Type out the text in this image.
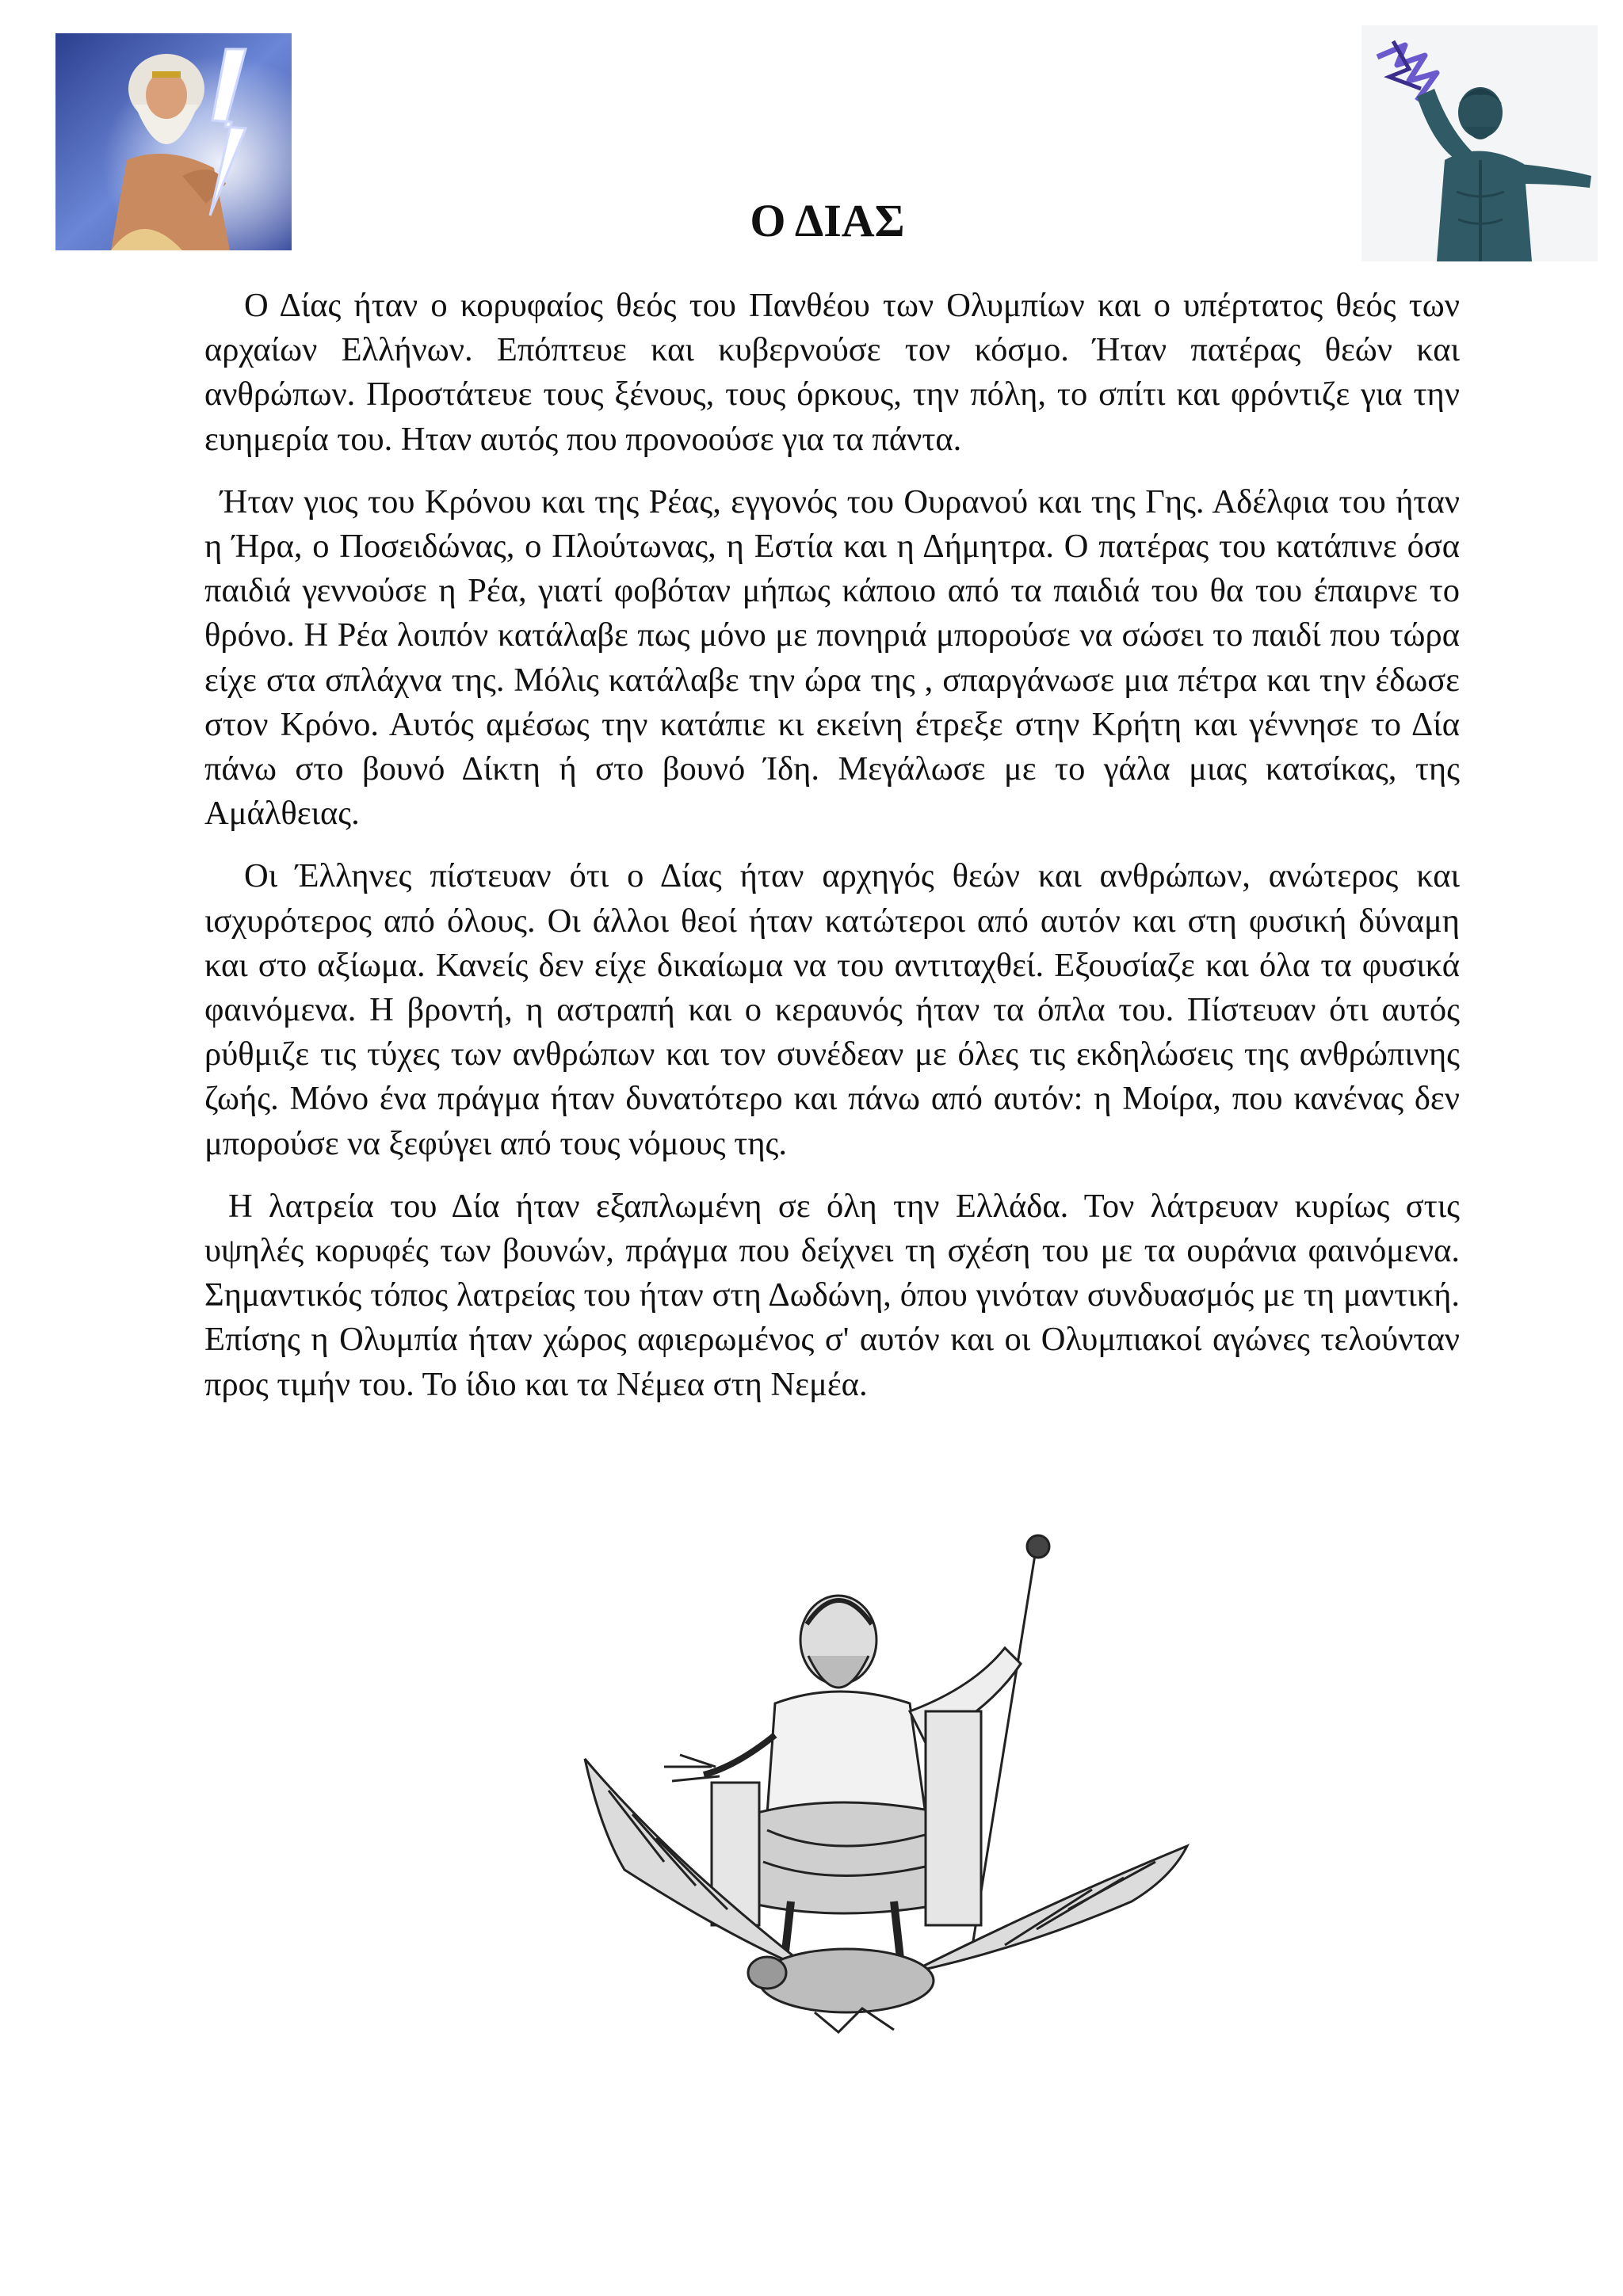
Ο ΔΙΑΣ

Ο Δίας ήταν ο κορυφαίος θεός του Πανθέου των Ολυμπίων και ο υπέρτατος θεός των αρχαίων Ελλήνων. Επόπτευε και κυβερνούσε τον κόσμο. Ήταν πατέρας θεών και ανθρώπων. Προστάτευε τους ξένους, τους όρκους, την πόλη, το σπίτι και φρόντιζε για την ευημερία του. Ηταν αυτός που προνοούσε για τα πάντα.

Ήταν γιος του Κρόνου και της Ρέας, εγγονός του Ουρανού και της Γης. Αδέλφια του ήταν η Ήρα, ο Ποσειδώνας, ο Πλούτωνας, η Εστία και η Δήμητρα. Ο πατέρας του κατάπινε όσα παιδιά γεννούσε η Ρέα, γιατί φοβόταν μήπως κάποιο από τα παιδιά του θα του έπαιρνε το θρόνο. Η Ρέα λοιπόν κατάλαβε πως μόνο με πονηριά μπορούσε να σώσει το παιδί που τώρα είχε στα σπλάχνα της. Μόλις κατάλαβε την ώρα της , σπαργάνωσε μια πέτρα και την έδωσε στον Κρόνο. Αυτός αμέσως την κατάπιε κι εκείνη έτρεξε στην Κρήτη και γέννησε το Δία πάνω στο βουνό Δίκτη ή στο βουνό Ίδη. Μεγάλωσε με το γάλα μιας κατσίκας, της Αμάλθειας.

Οι Έλληνες πίστευαν ότι ο Δίας ήταν αρχηγός θεών και ανθρώπων, ανώτερος και ισχυρότερος από όλους. Οι άλλοι θεοί ήταν κατώτεροι από αυτόν και στη φυσική δύναμη και στο αξίωμα. Κανείς δεν είχε δικαίωμα να του αντιταχθεί. Εξουσίαζε και όλα τα φυσικά φαινόμενα. Η βροντή, η αστραπή και ο κεραυνός ήταν τα όπλα του. Πίστευαν ότι αυτός ρύθμιζε τις τύχες των ανθρώπων και τον συνέδεαν με όλες τις εκδηλώσεις της ανθρώπινης ζωής. Μόνο ένα πράγμα ήταν δυνατότερο και πάνω από αυτόν: η Μοίρα, που κανένας δεν μπορούσε να ξεφύγει από τους νόμους της.

Η λατρεία του Δία ήταν εξαπλωμένη σε όλη την Ελλάδα. Τον λάτρευαν κυρίως στις υψηλές κορυφές των βουνών, πράγμα που δείχνει τη σχέση του με τα ουράνια φαινόμενα. Σημαντικός τόπος λατρείας του ήταν στη Δωδώνη, όπου γινόταν συνδυασμός με τη μαντική. Επίσης η Ολυμπία ήταν χώρος αφιερωμένος σ' αυτόν και οι Ολυμπιακοί αγώνες τελούνταν προς τιμήν του. Το ίδιο και τα Νέμεα στη Νεμέα.
